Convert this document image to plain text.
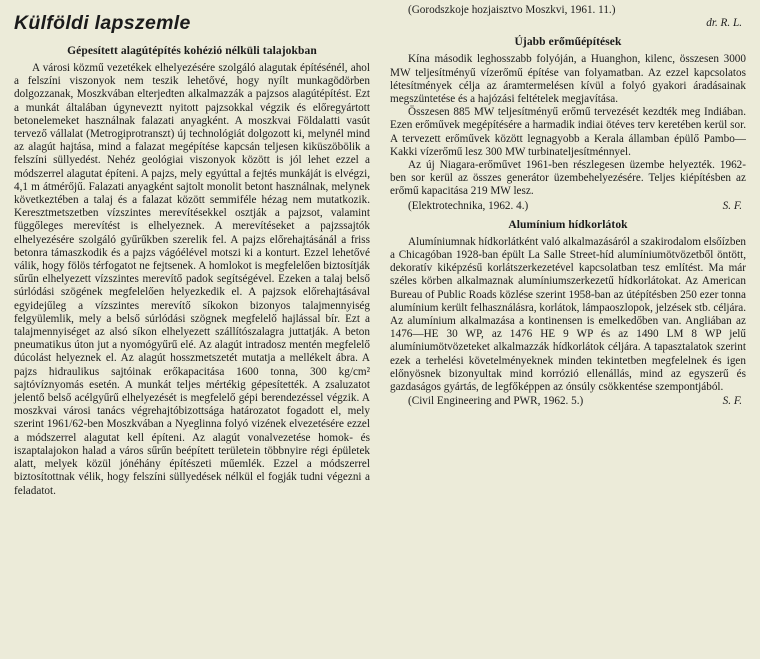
Külföldi lapszemle
Gépesített alagútépítés kohézió nélküli talajokban

A városi közmű vezetékek elhelyezésére szolgáló alagutak építésénél, ahol a felszíni viszonyok nem teszik lehetővé, hogy nyílt munkagödörben dolgozzanak, Moszkvában elterjedten alkalmazzák a pajzsos alagútépítést. Ezt a munkát általában úgyneveztt nyitott pajzsokkal végzik és előregyártott betonelemeket használnak falazati anyagként. A moszkvai Földalatti vasút tervező vállalat (Metrogiprotranszt) új technológiát dolgozott ki, melynél mind az alagút hajtása, mind a falazat megépítése kapcsán teljesen kiküszöbölik a felszíni süllyedést. Nehéz geológiai viszonyok között is jól lehet ezzel a módszerrel alagutat építeni. A pajzs, mely egyúttal a fejtés munkáját is elvégzi, 4,1 m átmérőjű. Falazati anyagként sajtolt monolit betont használnak, melynek következtében a talaj és a falazat között semmiféle hézag nem mutatkozik. Keresztmetszetben vízszintes merevítésekkel osztják a pajzsot, valamint függőleges merevítést is elhelyeznek. A merevítéseket a pajzssajtók elhelyezésére szolgáló gyűrűkben szerelik fel. A pajzs előrehajtásánál a friss betonra támaszkodik és a pajzs vágóélével motszi ki a konturt. Ezzel lehetővé válik, hogy fölös térfogatot ne fejtsenek. A homlokot is megfelelően biztosítják sűrűn elhelyezett vízszintes merevítő padok segítségével. Ezeken a talaj belső súrlódási szögének megfelelően helyezkedik el. A pajzsok előrehajtásával egyidejűleg a vízszintes merevítő síkokon bizonyos talajmennyiség felgyülemlik, mely a belső súrlódási szögnek megfelelő hajlással bír. Ezt a talajmennyiséget az alsó síkon elhelyezett szállítószalagra juttatják. A beton pneumatikus úton jut a nyomógyűrű elé. Az alagút intradosz mentén megfelelő dúcolást helyeznek el. Az alagút hosszmetszetét mutatja a mellékelt ábra. A pajzs hidraulikus sajtóinak erőkapacitása 1600 tonna, 300 kg/cm² sajtóvíznyomás esetén. A munkát teljes mértékig gépesítették. A zsaluzatot jelentő belső acélgyűrű elhelyezését is megfelelő gépi berendezéssel végzik. A moszkvai városi tanács végrehajtóbizottsága határozatot fogadott el, mely szerint 1961/62-ben Moszkvában a Nyeglinna folyó vizének elvezetésére ezzel a módszerrel alagutat kell építeni. Az alagút vonalvezetése homok- és iszaptalajokon halad a város sűrűn beépített területein többnyire régi épületek alatt, melyek közül jónéhány építészeti műemlék. Ezzel a módszerrel biztosítottnak vélik, hogy felszíni süllyedések nélkül el fogják tudni végezni a feladatot.

(Gorodszkoje hozjaisztvo Moszkvi, 1961. 11.)
dr. R. L.
Újabb erőműépítések

Kína második leghosszabb folyóján, a Huanghon, kilenc, összesen 3000 MW teljesítményű vízerőmű építése van folyamatban. Az ezzel kapcsolatos létesítmények célja az áramtermelésen kívül a folyó gyakori áradásainak megszüntetése és a hajózási feltételek megjavítása.

Összesen 885 MW teljesítményű erőmű tervezését kezdték meg Indiában. Ezen erőművek megépítésére a harmadik indiai ötéves terv keretében kerül sor. A tervezett erőművek között legnagyobb a Kerala államban épülő Pambo—Kakki vízerőmű lesz 300 MW turbinateljesítménnyel.

Az új Niagara-erőművet 1961-ben részlegesen üzembe helyezték. 1962-ben sor kerül az összes generátor üzembehelyezésére. Teljes kiépítésben az erőmű kapacitása 219 MW lesz.

(Elektrotechnika, 1962. 4.)	S. F.
Alumínium hídkorlátok

Alumíniumnak hídkorlátként való alkalmazásáról a szakirodalom elsőízben a Chicagóban 1928-ban épült La Salle Street-híd alumíniumötvözetből öntött, dekoratív kiképzésű korlátszerkezetével kapcsolatban tesz említést. Ma már széles körben alkalmaznak alumíniumszerkezetű hídkorlátokat. Az American Bureau of Public Roads közlése szerint 1958-ban az útépítésben 250 ezer tonna alumínium került felhasználásra, korlátok, lámpaoszlopok, jelzések stb. céljára. Az alumínium alkalmazása a kontinensen is emelkedőben van. Angliában az 1476—HE 30 WP, az 1476 HE 9 WP és az 1490 LM 8 WP jelű alumíniumötvözeteket alkalmazzák hídkorlátok céljára. A tapasztalatok szerint ezek a terhelési követelményeknek minden tekintetben megfelelnek és igen előnyösnek bizonyultak mind korrózió ellenállás, mind az egyszerű és gazdaságos gyártás, de legfőképpen az ónsúly csökkentése szempontjából.

(Civil Engineering and PWR, 1962. 5.)	S. F.
